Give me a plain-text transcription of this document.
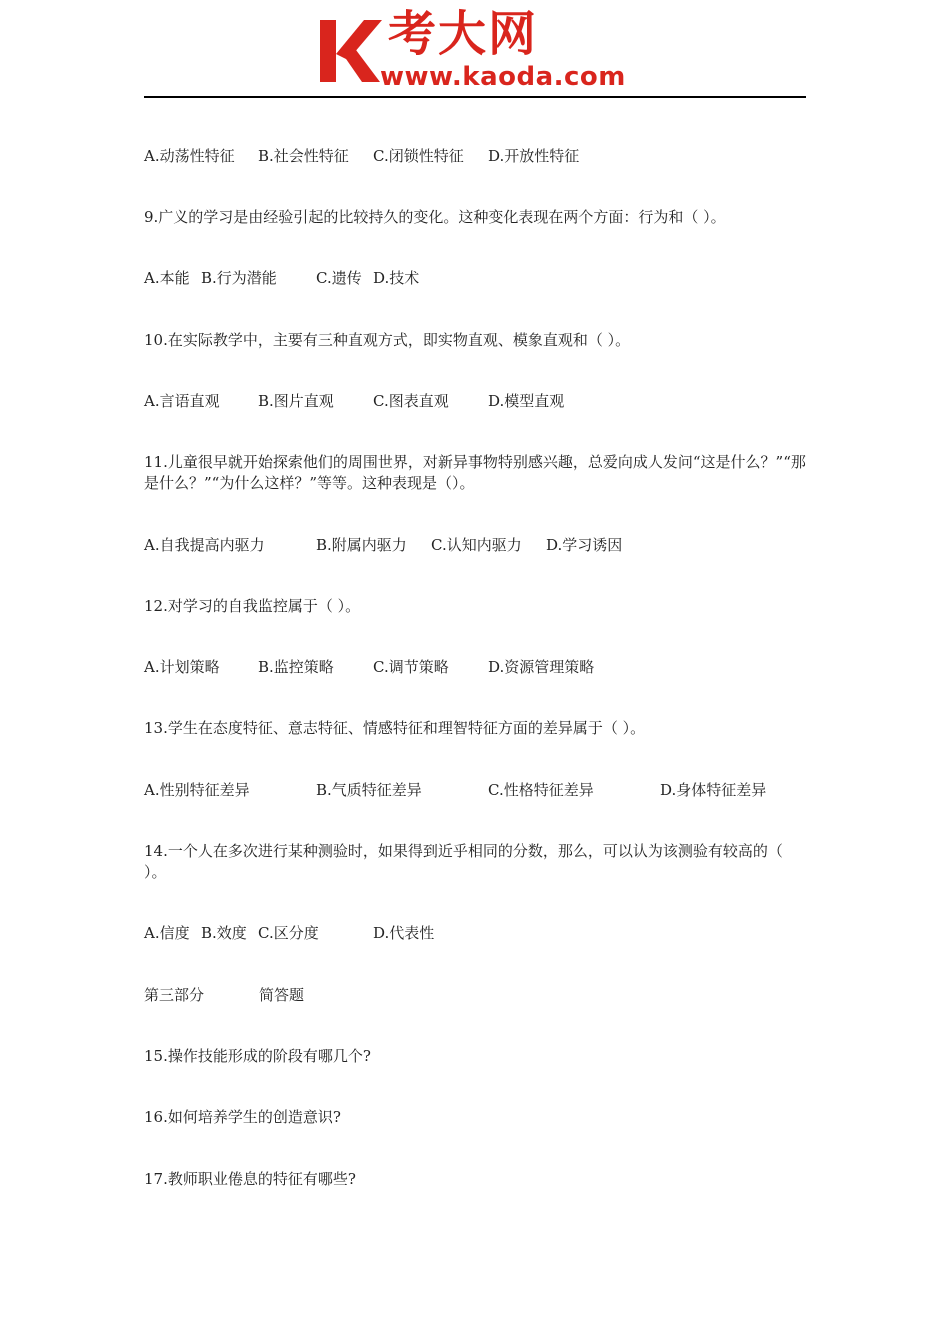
考大网
www.kaoda.com
A.动荡性特征	B.社会性特征	C.闭锁性特征	D.开放性特征

9.广义的学习是由经验引起的比较持久的变化。这种变化表现在两个方面：行为和（ ）。

A.本能 B.行为潜能	C.遗传 D.技术

10.在实际教学中，主要有三种直观方式，即实物直观、模象直观和（ ）。

A.言语直观	B.图片直观	C.图表直观	D.模型直观

11.儿童很早就开始探索他们的周围世界，对新异事物特别感兴趣，总爱向成人发问“这是什么？”“那是什么？”“为什么这样？”等等。这种表现是（）。

A.自我提高内驱力	B.附属内驱力	C.认知内驱力	D.学习诱因

12.对学习的自我监控属于（ ）。

A.计划策略	B.监控策略	C.调节策略	D.资源管理策略

13.学生在态度特征、意志特征、情感特征和理智特征方面的差异属于（ ）。

A.性别特征差异	B.气质特征差异	C.性格特征差异	D.身体特征差异

14.一个人在多次进行某种测验时，如果得到近乎相同的分数，那么，可以认为该测验有较高的（ ）。

A.信度 B.效度 C.区分度	D.代表性
第三部分	简答题

15.操作技能形成的阶段有哪几个?

16.如何培养学生的创造意识?

17.教师职业倦息的特征有哪些?
